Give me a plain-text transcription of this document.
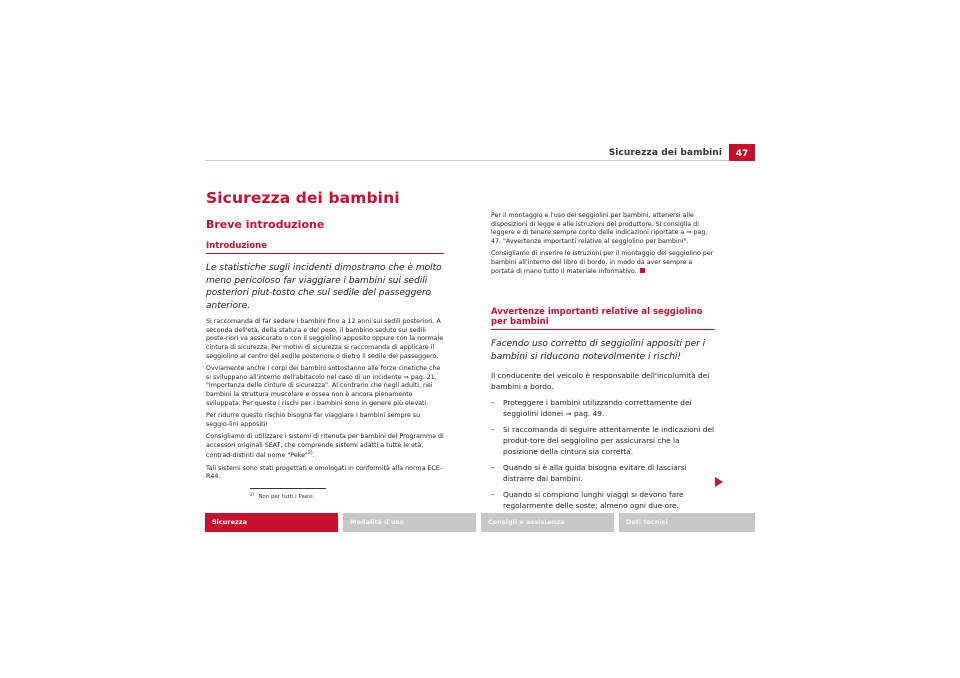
Sicurezza dei bambini	47
Sicurezza dei bambini
Breve introduzione
Introduzione
Le statistiche sugli incidenti dimostrano che è molto meno pericoloso far viaggiare i bambini sui sedili posteriori piut-tosto che sul sedile del passeggero anteriore.

Si raccomanda di far sedere i bambini fino a 12 anni sui sedili posteriori. A seconda dell'età, della statura e del peso, il bambino seduto sui sedili poste-riori va assicurato o con il seggiolino apposito oppure con la normale cintura di sicurezza. Per motivi di sicurezza si raccomanda di applicare il seggiolino al centro del sedile posteriore o dietro il sedile del passeggero.

Ovviamente anche i corpi dei bambini sottostanno alle forze cinetiche che si sviluppano all'interno dell'abitacolo nel caso di un incidente ⇒ pag. 21, "Importanza delle cinture di sicurezza". Al contrario che negli adulti, nei bambini la struttura muscolare e ossea non è ancora pienamente sviluppata. Per questo i rischi per i bambini sono in genere più elevati.

Per ridurre questo rischio bisogna far viaggiare i bambini sempre su seggio-lini appositi!

Consigliamo di utilizzare i sistemi di ritenuta per bambini del Programma di accessori originali SEAT, che comprende sistemi adatti a tutte le età, contrad-distinti dal nome "Peke"$^{2)}$.

Tali sistemi sono stati progettati e omologati in conformità alla norma ECE-R44.

$^{2)}$ Non per tutti i Paesi.

Per il montaggio e l'uso dei seggiolini per bambini, attenersi alle disposizioni di legge e alle istruzioni del produttore. Si consiglia di leggere e di tenere sempre conto delle indicazioni riportate a ⇒ pag. 47, "Avvertenze importanti relative al seggiolino per bambini".

Consigliamo di inserire le istruzioni per il montaggio del seggiolino per bambini all'interno del libro di bordo, in modo da aver sempre a portata di mano tutto il materiale informativo.

Avvertenze importanti relative al seggiolino per bambini
Facendo uso corretto di seggiolini appositi per i bambini si riducono notevolmente i rischi!

Il conducente del veicolo è responsabile dell'incolumità dei bambini a bordo.

–	Proteggere i bambini utilizzando correttamente dei seggiolini idonei ⇒ pag. 49.
–	Si raccomanda di seguire attentamente le indicazioni del produt-tore del seggiolino per assicurarsi che la posizione della cintura sia corretta.
–	Quando si è alla guida bisogna evitare di lasciarsi distrarre dai bambini.
–	Quando si compiono lunghi viaggi si devono fare regolarmente delle soste; almeno ogni due ore.
Sicurezza	Modalità d'uso	Consigli e assistenza	Dati tecnici
